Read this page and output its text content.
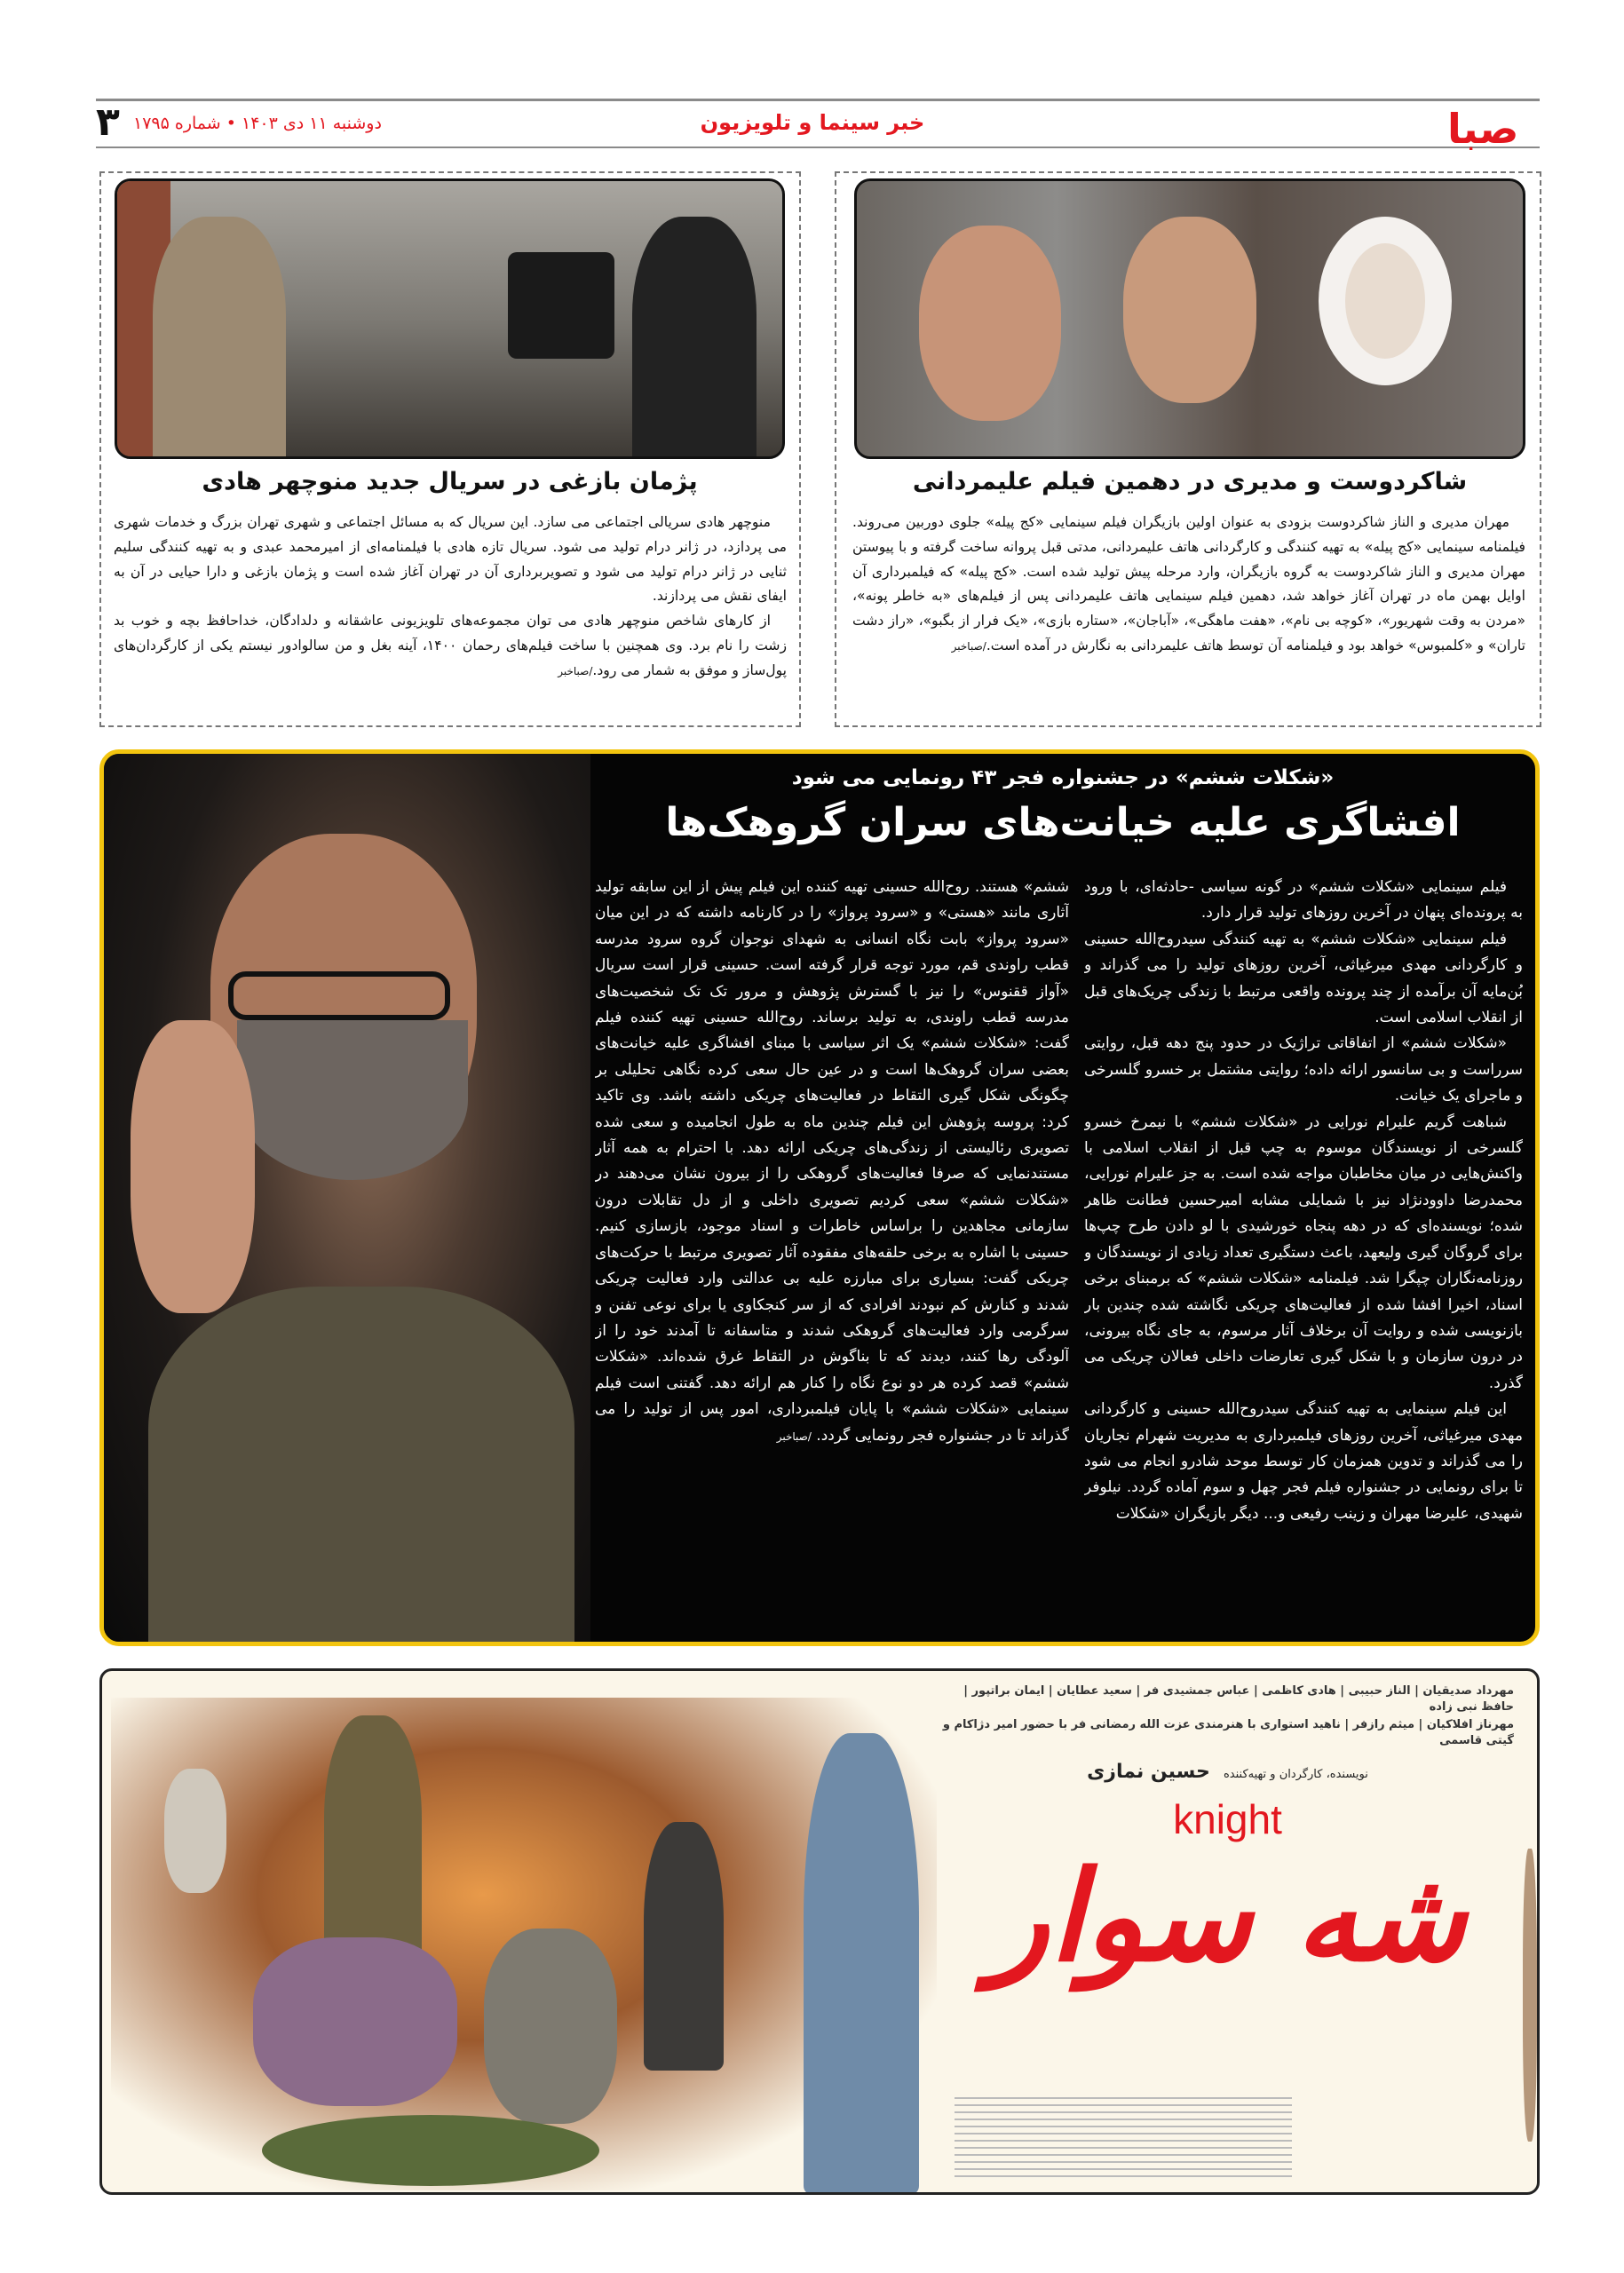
صبا
خبر سینما و تلویزیون
دوشنبه ۱۱ دی ۱۴۰۳ • شماره ۱۷۹۵
۳
شاکردوست و مدیری در دهمین فیلم علیمردانی
مهران مدیری و الناز شاکردوست بزودی به عنوان اولین بازیگران فیلم سینمایی «کج پیله» جلوی دوربین می‌روند. فیلمنامه سینمایی «کج پیله» به تهیه کنندگی و کارگردانی هاتف علیمردانی، مدتی قبل پروانه ساخت گرفته و با پیوستن مهران مدیری و الناز شاکردوست به گروه بازیگران، وارد مرحله پیش تولید شده است. «کج پیله» که فیلمبرداری آن اوایل بهمن ماه در تهران آغاز خواهد شد، دهمین فیلم سینمایی هاتف علیمردانی پس از فیلم‌های «به خاطر پونه»، «مردن به وقت شهریور»، «کوچه بی نام»، «هفت ماهگی»، «آباجان»، «ستاره بازی»، «یک فرار از بگبو»، «راز دشت تاران» و «کلمبوس» خواهد بود و فیلمنامه آن توسط هاتف علیمردانی به نگارش در آمده است./صباخبر
پژمان بازغی در سریال جدید منوچهر هادی

منوچهر هادی سریالی اجتماعی می سازد. این سریال که به مسائل اجتماعی و شهری تهران بزرگ و خدمات شهری می پردازد، در ژانر درام تولید می شود. سریال تازه هادی با فیلمنامه‌ای از امیرمحمد عبدی و به تهیه کنندگی سلیم ثنایی در ژانر درام تولید می شود و تصویربرداری آن در تهران آغاز شده است و پژمان بازغی و دارا حیایی در آن به ایفای نقش می پردازند.

از کارهای شاخص منوچهر هادی می توان مجموعه‌های تلویزیونی عاشقانه و دلدادگان، خداحافظ بچه و خوب بد زشت را نام برد. وی همچنین با ساخت فیلم‌های رحمان ۱۴۰۰، آینه بغل و من سالوادور نیستم یکی از کارگردان‌های پول‌ساز و موفق به شمار می رود./صباخبر

«شکلات ششم» در جشنواره فجر ۴۳ رونمایی می شود
افشاگری علیه خیانت‌های سران گروهک‌ها

فیلم سینمایی «شکلات ششم» در گونه سیاسی -حادثه‌ای، با ورود به پرونده‌ای پنهان در آخرین روزهای تولید قرار دارد.

فیلم سینمایی «شکلات ششم» به تهیه کنندگی سیدروح‌الله حسینی و کارگردانی مهدی میرغیاثی، آخرین روزهای تولید را می گذراند و بُن‌مایه آن برآمده از چند پرونده واقعی مرتبط با زندگی چریک‌های قبل از انقلاب اسلامی است.

«شکلات ششم» از اتفاقاتی تراژیک در حدود پنج دهه قبل، روایتی سرراست و بی سانسور ارائه داده؛ روایتی مشتمل بر خسرو گلسرخی و ماجرای یک خیانت.

شباهت گریم علیرام نورایی در «شکلات ششم» با نیمرخ خسرو گلسرخی از نویسندگان موسوم به چپ قبل از انقلاب اسلامی با واکنش‌هایی در میان مخاطبان مواجه شده است. به جز علیرام نورایی، محمدرضا داوودنژاد نیز با شمایلی مشابه امیرحسین فطانت ظاهر شده؛ نویسنده‌ای که در دهه پنجاه خورشیدی با لو دادن طرح چپ‌ها برای گروگان گیری ولیعهد، باعث دستگیری تعداد زیادی از نویسندگان و روزنامه‌نگاران چپگرا شد. فیلمنامه «شکلات ششم» که برمبنای برخی اسناد، اخیرا افشا شده از فعالیت‌های چریکی نگاشته شده چندین بار بازنویسی شده و روایت آن برخلاف آثار مرسوم، به جای نگاه بیرونی، در درون سازمان و با شکل گیری تعارضات داخلی فعالان چریکی می گذرد.

این فیلم سینمایی به تهیه کنندگی سیدروح‌الله حسینی و کارگردانی مهدی میرغیاثی، آخرین روزهای فیلمبرداری به مدیریت شهرام نجاریان را می گذراند و تدوین همزمان کار توسط موحد شادرو انجام می شود تا برای رونمایی در جشنواره فیلم فجر چهل و سوم آماده گردد. نیلوفر شهیدی، علیرضا مهران و زینب رفیعی و... دیگر بازیگران «شکلات

ششم» هستند. روح‌الله حسینی تهیه کننده این فیلم پیش از این سابقه تولید آثاری مانند «هستی» و «سرود پرواز» را در کارنامه داشته که در این میان «سرود پرواز» بابت نگاه انسانی به شهدای نوجوان گروه سرود مدرسه قطب راوندی قم، مورد توجه قرار گرفته است. حسینی قرار است سریال «آواز ققنوس» را نیز با گسترش پژوهش و مرور تک تک شخصیت‌های مدرسه قطب راوندی، به تولید برساند. روح‌الله حسینی تهیه کننده فیلم گفت: «شکلات ششم» یک اثر سیاسی با مبنای افشاگری علیه خیانت‌های بعضی سران گروهک‌ها است و در عین حال سعی کرده نگاهی تحلیلی بر چگونگی شکل گیری التقاط در فعالیت‌های چریکی داشته باشد. وی تاکید کرد: پروسه پژوهش این فیلم چندین ماه به طول انجامیده و سعی شده تصویری رئالیستی از زندگی‌های چریکی ارائه دهد. با احترام به همه آثار مستندنمایی که صرفا فعالیت‌های گروهکی را از بیرون نشان می‌دهند در «شکلات ششم» سعی کردیم تصویری داخلی و از دل تقابلات درون سازمانی مجاهدین را براساس خاطرات و اسناد موجود، بازسازی کنیم. حسینی با اشاره به برخی حلقه‌های مفقوده آثار تصویری مرتبط با حرکت‌های چریکی گفت: بسیاری برای مبارزه علیه بی عدالتی وارد فعالیت چریکی شدند و کنارش کم نبودند افرادی که از سر کنجکاوی یا برای نوعی تفنن و سرگرمی وارد فعالیت‌های گروهکی شدند و متاسفانه تا آمدند خود را از آلودگی رها کنند، دیدند که تا بناگوش در التقاط غرق شده‌اند. «شکلات ششم» قصد کرده هر دو نوع نگاه را کنار هم ارائه دهد. گفتنی است فیلم سینمایی «شکلات ششم» با پایان فیلمبرداری، امور پس از تولید را می گذراند تا در جشنواره فجر رونمایی گردد. /صباخبر
مهرداد صدیقیان | الناز حبیبی | هادی کاظمی | عباس جمشیدی فر | سعید عطایان | ایمان براتپور | حافظ نبی زاده
مهرناز افلاکیان | میثم رازفر | ناهید استواری با هنرمندی عزت الله رمضانی فر با حضور امیر دژاکام و گیتی قاسمی
نویسنده، کارگردان و تهیه‌کننده حسین نمازی
knight
شه سوار
